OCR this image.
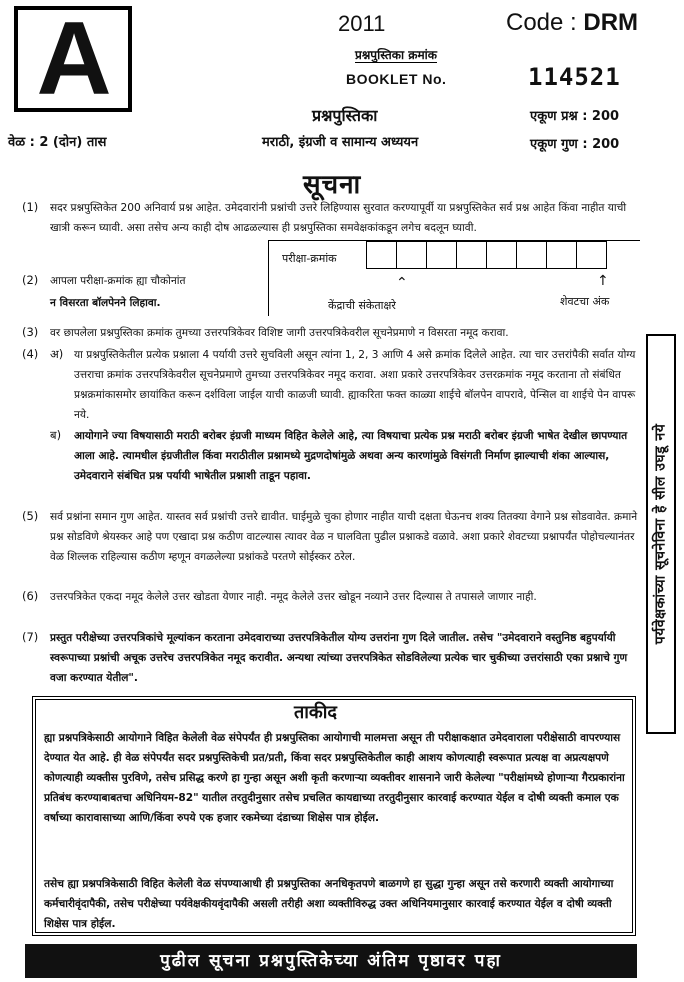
A	2011	Code : DRM
प्रश्नपुस्तिका क्रमांक
BOOKLET No.	114521
प्रश्नपुस्तिका
मराठी, इंग्रजी व सामान्य अध्ययन
वेळ : 2 (दोन) तास
एकूण प्रश्न : 200
एकूण गुण : 200
सूचना
(1) सदर प्रश्नपुस्तिकेत 200 अनिवार्य प्रश्न आहेत. उमेदवारांनी प्रश्नांची उत्तरे लिहिण्यास सुरवात करण्यापूर्वी या प्रश्नपुस्तिकेत सर्व प्रश्न आहेत किंवा नाहीत याची खात्री करून घ्यावी. असा तसेच अन्य काही दोष आढळल्यास ही प्रश्नपुस्तिका समवेक्षकांकडून लगेच बदलून घ्यावी.
(2) आपला परीक्षा-क्रमांक ह्या चौकोनांत
न विसरता बॉलपेनने लिहावा.
परीक्षा-क्रमांक
⌃	↑
केंद्राची संकेताक्षरे	शेवटचा अंक
(3) वर छापलेला प्रश्नपुस्तिका क्रमांक तुमच्या उत्तरपत्रिकेवर विशिष्ट जागी उत्तरपत्रिकेवरील सूचनेप्रमाणे न विसरता नमूद करावा.
(4) अ) या प्रश्नपुस्तिकेतील प्रत्येक प्रश्नाला 4 पर्यायी उत्तरे सुचविली असून त्यांना 1, 2, 3 आणि 4 असे क्रमांक दिलेले आहेत. त्या चार उत्तरांपैकी सर्वात योग्य उत्तराचा क्रमांक उत्तरपत्रिकेवरील सूचनेप्रमाणे तुमच्या उत्तरपत्रिकेवर नमूद करावा. अशा प्रकारे उत्तरपत्रिकेवर उत्तरक्रमांक नमूद करताना तो संबंधित प्रश्नक्रमांकासमोर छायांकित करून दर्शविला जाईल याची काळजी घ्यावी. ह्याकरिता फक्त काळ्या शाईचे बॉलपेन वापरावे, पेन्सिल वा शाईचे पेन वापरू नये.
ब) आयोगाने ज्या विषयासाठी मराठी बरोबर इंग्रजी माध्यम विहित केलेले आहे, त्या विषयाचा प्रत्येक प्रश्न मराठी बरोबर इंग्रजी भाषेत देखील छापण्यात आला आहे. त्यामधील इंग्रजीतील किंवा मराठीतील प्रश्नामध्ये मुद्रणदोषांमुळे अथवा अन्य कारणांमुळे विसंगती निर्माण झाल्याची शंका आल्यास, उमेदवाराने संबंधित प्रश्न पर्यायी भाषेतील प्रश्नाशी ताडून पहावा.
(5) सर्व प्रश्नांना समान गुण आहेत. यास्तव सर्व प्रश्नांची उत्तरे द्यावीत. घाईमुळे चुका होणार नाहीत याची दक्षता घेऊनच शक्य तितक्या वेगाने प्रश्न सोडवावेत. क्रमाने प्रश्न सोडविणे श्रेयस्कर आहे पण एखादा प्रश्न कठीण वाटल्यास त्यावर वेळ न घालविता पुढील प्रश्नाकडे वळावे. अशा प्रकारे शेवटच्या प्रश्नापर्यंत पोहोचल्यानंतर वेळ शिल्लक राहिल्यास कठीण म्हणून वगळलेल्या प्रश्नांकडे परतणे सोईस्कर ठरेल.
(6) उत्तरपत्रिकेत एकदा नमूद केलेले उत्तर खोडता येणार नाही. नमूद केलेले उत्तर खोडून नव्याने उत्तर दिल्यास ते तपासले जाणार नाही.
(7) प्रस्तुत परीक्षेच्या उत्तरपत्रिकांचे मूल्यांकन करताना उमेदवाराच्या उत्तरपत्रिकेतील योग्य उत्तरांना गुण दिले जातील. तसेच "उमेदवाराने वस्तुनिष्ठ बहुपर्यायी स्वरूपाच्या प्रश्नांची अचूक उत्तरेच उत्तरपत्रिकेत नमूद करावीत. अन्यथा त्यांच्या उत्तरपत्रिकेत सोडविलेल्या प्रत्येक चार चुकीच्या उत्तरांसाठी एका प्रश्नाचे गुण वजा करण्यात येतील".
पर्यवेक्षकांच्या सूचनेविना हे सील उघडू नये
ताकीद
ह्या प्रश्नपत्रिकेसाठी आयोगाने विहित केलेली वेळ संपेपर्यंत ही प्रश्नपुस्तिका आयोगाची मालमत्ता असून ती परीक्षाकक्षात उमेदवाराला परीक्षेसाठी वापरण्यास देण्यात येत आहे. ही वेळ संपेपर्यंत सदर प्रश्नपुस्तिकेची प्रत/प्रती, किंवा सदर प्रश्नपुस्तिकेतील काही आशय कोणत्याही स्वरूपात प्रत्यक्ष वा अप्रत्यक्षपणे कोणत्याही व्यक्तीस पुरविणे, तसेच प्रसिद्ध करणे हा गुन्हा असून अशी कृती करणाऱ्या व्यक्तीवर शासनाने जारी केलेल्या "परीक्षांमध्ये होणाऱ्या गैरप्रकारांना प्रतिबंध करण्याबाबतचा अधिनियम-82" यातील तरतुदीनुसार तसेच प्रचलित कायद्याच्या तरतुदीनुसार कारवाई करण्यात येईल व दोषी व्यक्ती कमाल एक वर्षाच्या कारावासाच्या आणि/किंवा रुपये एक हजार रकमेच्या दंडाच्या शिक्षेस पात्र होईल.
तसेच ह्या प्रश्नपत्रिकेसाठी विहित केलेली वेळ संपण्याआधी ही प्रश्नपुस्तिका अनधिकृतपणे बाळगणे हा सुद्धा गुन्हा असून तसे करणारी व्यक्ती आयोगाच्या कर्मचारीवृंदापैकी, तसेच परीक्षेच्या पर्यवेक्षकीयवृंदापैकी असली तरीही अशा व्यक्तीविरुद्ध उक्त अधिनियमानुसार कारवाई करण्यात येईल व दोषी व्यक्ती शिक्षेस पात्र होईल.
पुढील सूचना प्रश्नपुस्तिकेच्या अंतिम पृष्ठावर पहा
